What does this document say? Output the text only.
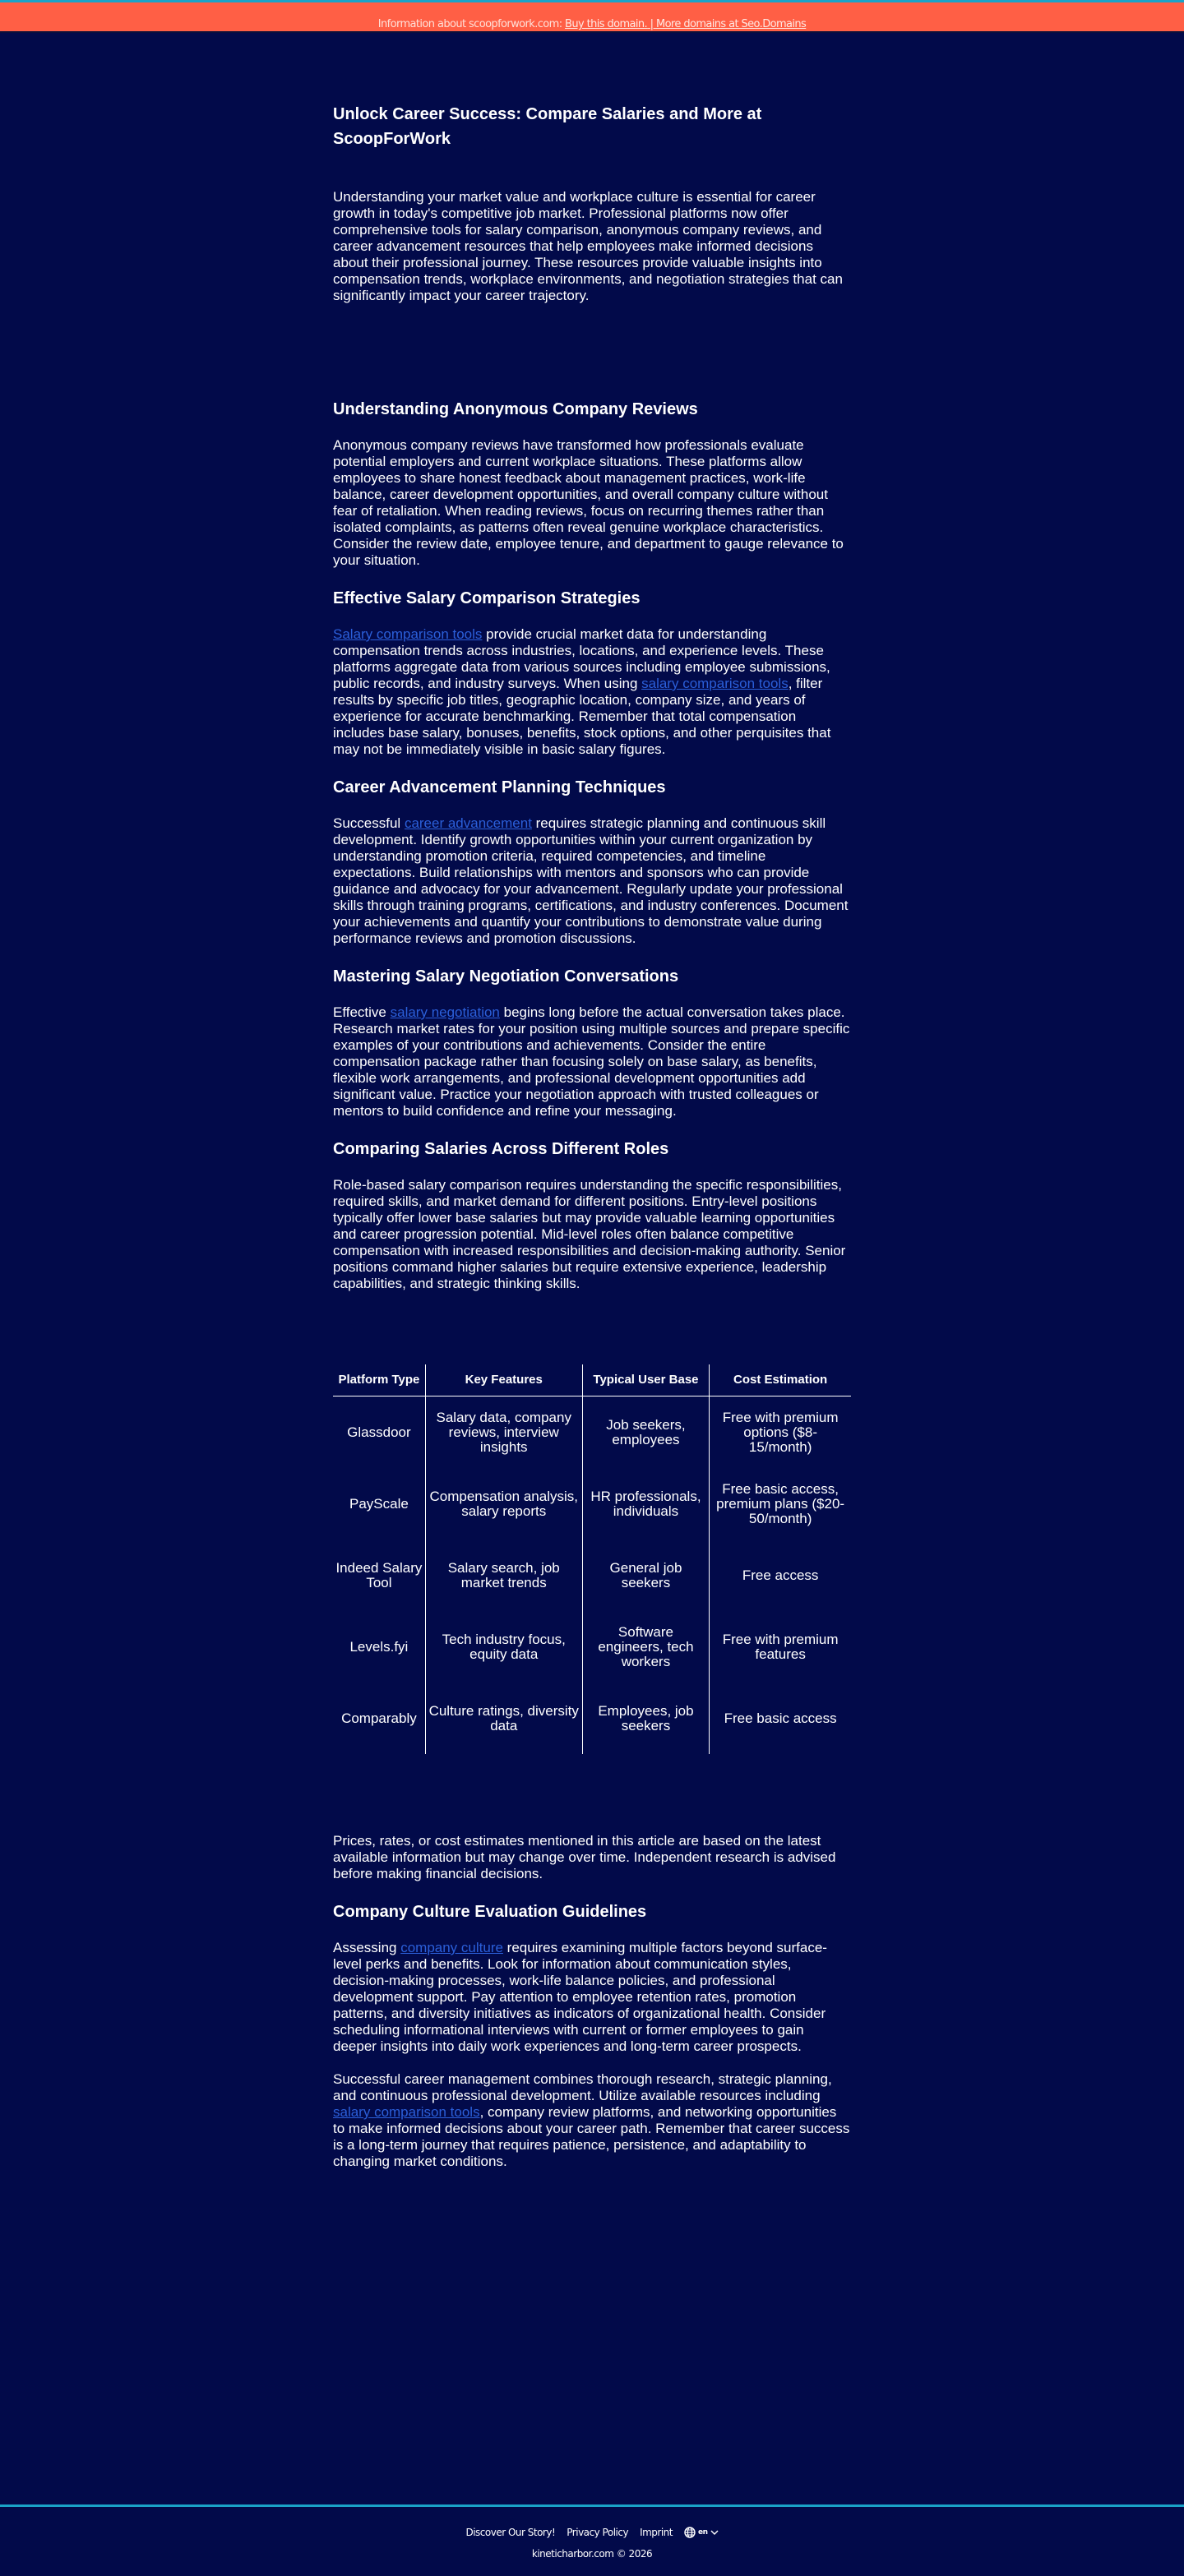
Information about scoopforwork.com: Buy this domain. | More domains at Seo.Domains
Unlock Career Success: Compare Salaries and More at ScoopForWork

Understanding your market value and workplace culture is essential for career growth in today's competitive job market. Professional platforms now offer comprehensive tools for salary comparison, anonymous company reviews, and career advancement resources that help employees make informed decisions about their professional journey. These resources provide valuable insights into compensation trends, workplace environments, and negotiation strategies that can significantly impact your career trajectory.

Understanding Anonymous Company Reviews

Anonymous company reviews have transformed how professionals evaluate potential employers and current workplace situations. These platforms allow employees to share honest feedback about management practices, work-life balance, career development opportunities, and overall company culture without fear of retaliation. When reading reviews, focus on recurring themes rather than isolated complaints, as patterns often reveal genuine workplace characteristics. Consider the review date, employee tenure, and department to gauge relevance to your situation.

Effective Salary Comparison Strategies

Salary comparison tools provide crucial market data for understanding compensation trends across industries, locations, and experience levels. These platforms aggregate data from various sources including employee submissions, public records, and industry surveys. When using salary comparison tools, filter results by specific job titles, geographic location, company size, and years of experience for accurate benchmarking. Remember that total compensation includes base salary, bonuses, benefits, stock options, and other perquisites that may not be immediately visible in basic salary figures.

Career Advancement Planning Techniques

Successful career advancement requires strategic planning and continuous skill development. Identify growth opportunities within your current organization by understanding promotion criteria, required competencies, and timeline expectations. Build relationships with mentors and sponsors who can provide guidance and advocacy for your advancement. Regularly update your professional skills through training programs, certifications, and industry conferences. Document your achievements and quantify your contributions to demonstrate value during performance reviews and promotion discussions.

Mastering Salary Negotiation Conversations

Effective salary negotiation begins long before the actual conversation takes place. Research market rates for your position using multiple sources and prepare specific examples of your contributions and achievements. Consider the entire compensation package rather than focusing solely on base salary, as benefits, flexible work arrangements, and professional development opportunities add significant value. Practice your negotiation approach with trusted colleagues or mentors to build confidence and refine your messaging.

Comparing Salaries Across Different Roles

Role-based salary comparison requires understanding the specific responsibilities, required skills, and market demand for different positions. Entry-level positions typically offer lower base salaries but may provide valuable learning opportunities and career progression potential. Mid-level roles often balance competitive compensation with increased responsibilities and decision-making authority. Senior positions command higher salaries but require extensive experience, leadership capabilities, and strategic thinking skills.

Platform Type	Key Features	Typical User Base	Cost Estimation
Glassdoor	Salary data, company reviews, interview insights	Job seekers, employees	Free with premium options ($8-15/month)
PayScale	Compensation analysis, salary reports	HR professionals, individuals	Free basic access, premium plans ($20-50/month)
Indeed Salary Tool	Salary search, job market trends	General job seekers	Free access
Levels.fyi	Tech industry focus, equity data	Software engineers, tech workers	Free with premium features
Comparably	Culture ratings, diversity data	Employees, job seekers	Free basic access

Prices, rates, or cost estimates mentioned in this article are based on the latest available information but may change over time. Independent research is advised before making financial decisions.

Company Culture Evaluation Guidelines

Assessing company culture requires examining multiple factors beyond surface-level perks and benefits. Look for information about communication styles, decision-making processes, work-life balance policies, and professional development support. Pay attention to employee retention rates, promotion patterns, and diversity initiatives as indicators of organizational health. Consider scheduling informational interviews with current or former employees to gain deeper insights into daily work experiences and long-term career prospects.

Successful career management combines thorough research, strategic planning, and continuous professional development. Utilize available resources including salary comparison tools, company review platforms, and networking opportunities to make informed decisions about your career path. Remember that career success is a long-term journey that requires patience, persistence, and adaptability to changing market conditions.

Discover Our Story! Privacy Policy Imprint	en
kineticharbor.com © 2026
